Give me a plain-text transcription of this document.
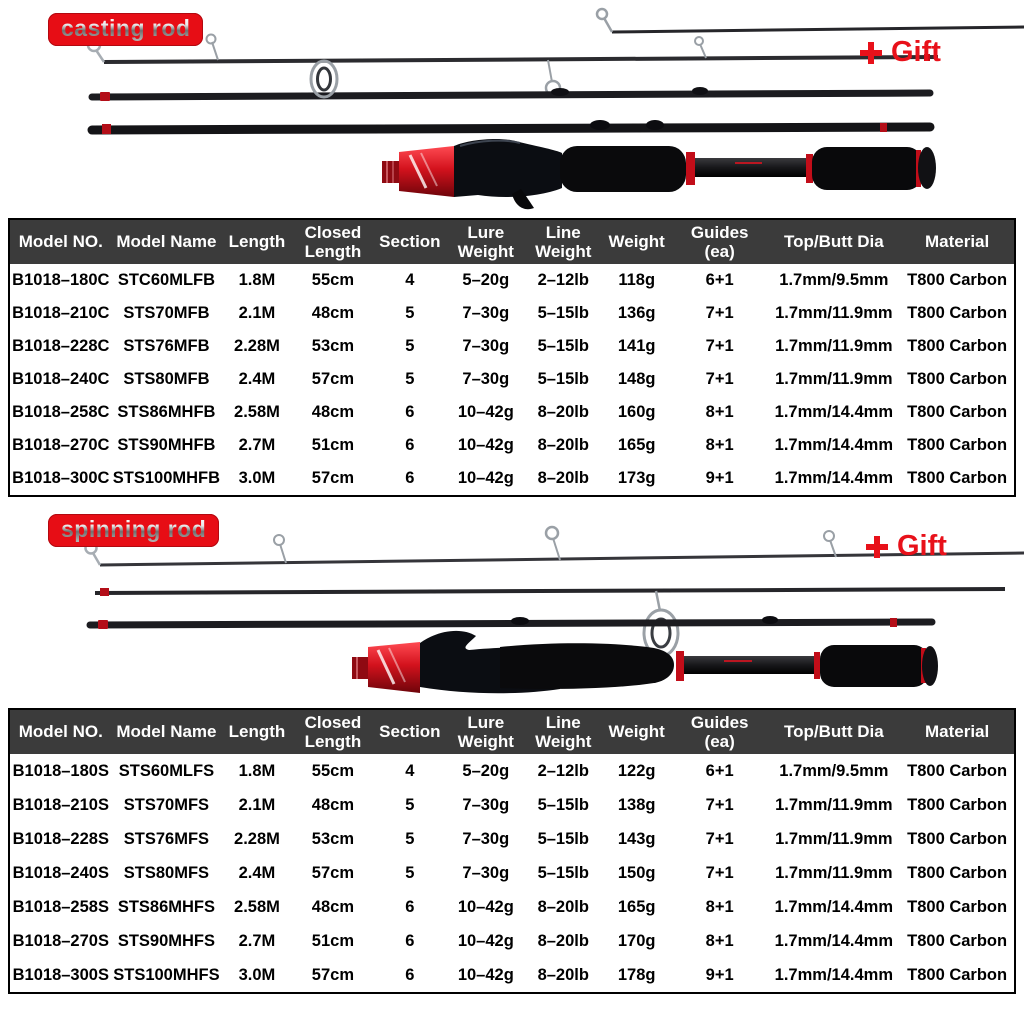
casting rod
Gift
Model NO.	Model Name	Length	Closed Length	Section	Lure Weight	Line Weight	Weight	Guides (ea)	Top/Butt Dia	Material
B1018–180C	STC60MLFB	1.8M	55cm	4	5–20g	2–12lb	118g	6+1	1.7mm/9.5mm	T800 Carbon
B1018–210C	STS70MFB	2.1M	48cm	5	7–30g	5–15lb	136g	7+1	1.7mm/11.9mm	T800 Carbon
B1018–228C	STS76MFB	2.28M	53cm	5	7–30g	5–15lb	141g	7+1	1.7mm/11.9mm	T800 Carbon
B1018–240C	STS80MFB	2.4M	57cm	5	7–30g	5–15lb	148g	7+1	1.7mm/11.9mm	T800 Carbon
B1018–258C	STS86MHFB	2.58M	48cm	6	10–42g	8–20lb	160g	8+1	1.7mm/14.4mm	T800 Carbon
B1018–270C	STS90MHFB	2.7M	51cm	6	10–42g	8–20lb	165g	8+1	1.7mm/14.4mm	T800 Carbon
B1018–300C	STS100MHFB	3.0M	57cm	6	10–42g	8–20lb	173g	9+1	1.7mm/14.4mm	T800 Carbon
spinning rod
Gift
Model NO.	Model Name	Length	Closed Length	Section	Lure Weight	Line Weight	Weight	Guides (ea)	Top/Butt Dia	Material
B1018–180S	STS60MLFS	1.8M	55cm	4	5–20g	2–12lb	122g	6+1	1.7mm/9.5mm	T800 Carbon
B1018–210S	STS70MFS	2.1M	48cm	5	7–30g	5–15lb	138g	7+1	1.7mm/11.9mm	T800 Carbon
B1018–228S	STS76MFS	2.28M	53cm	5	7–30g	5–15lb	143g	7+1	1.7mm/11.9mm	T800 Carbon
B1018–240S	STS80MFS	2.4M	57cm	5	7–30g	5–15lb	150g	7+1	1.7mm/11.9mm	T800 Carbon
B1018–258S	STS86MHFS	2.58M	48cm	6	10–42g	8–20lb	165g	8+1	1.7mm/14.4mm	T800 Carbon
B1018–270S	STS90MHFS	2.7M	51cm	6	10–42g	8–20lb	170g	8+1	1.7mm/14.4mm	T800 Carbon
B1018–300S	STS100MHFS	3.0M	57cm	6	10–42g	8–20lb	178g	9+1	1.7mm/14.4mm	T800 Carbon
